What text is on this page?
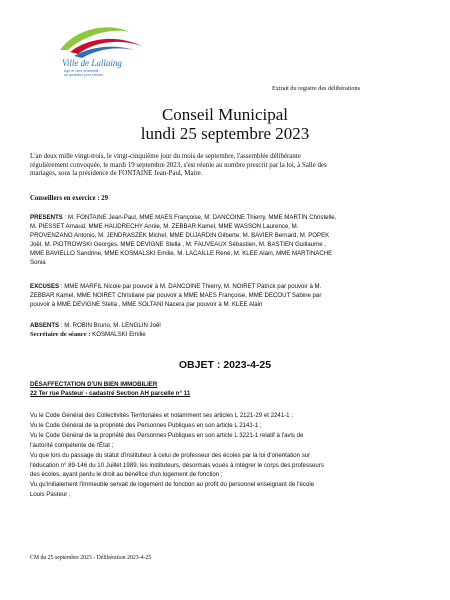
Ville de Lallaing
Agir et vivre ensemble
au quotidien pour l'avenir
Extrait du registre des délibérations
Conseil Municipal
lundi 25 septembre 2023
L'an deux mille vingt-trois, le vingt-cinquième jour du mois de septembre, l'assemblée délibérante
régulièrement convoquée, le mardi 19 septembre 2023, s'est réunie au nombre prescrit par la loi, à Salle des
mariages, sous la présidence de FONTAINE Jean-Paul, Maire.
Conseillers en exercice : 29
PRESENTS : M. FONTAINE Jean-Paul, MME MAES Françoise, M. DANCOINE Thierry, MME MARTIN Christelle,
M. PIESSET Arnaud, MME HAUDRECHY Annie, M. ZEBBAR Kamel, MME WASSON Laurence, M.
PROVENZANO Antonio, M. JENDRASZEK Michel, MME DUJARDIN Gilberte, M. BAVIER Bernard, M. POPEK
Joël, M. PIOTROWSKI Georges, MME DEVIGNE Stella , M. FAUVEAUX Sébastien, M. BASTIEN Guillaume ,
MME BAVIELLO Sandrine, MME KOSMALSKI Emilie, M. LACAILLE René, M. KLEE Alain, MME MARTINACHE
Sonia
EXCUSES : MME MARFIL Nicole par pouvoir à M. DANCOINE Thierry, M. NOIRET Patrick par pouvoir à M.
ZEBBAR Kamel, MME NOIRET Christiane par pouvoir à MME MAES Françoise, MME DECOUT Sabine par
pouvoir à MME DEVIGNE Stella , MME SOLTANI Nacera par pouvoir à M. KLEE Alain
ABSENTS : M. ROBIN Bruno, M. LENGLIN Joël
Secrétaire de séance : KOSMALSKI Emilie
OBJET : 2023-4-25
DÉSAFFECTATION D'UN BIEN IMMOBILIER
22 Ter rue Pasteur - cadastré Section AH parcelle n° 11
Vu le Code Général des Collectivités Territoriales et notamment ses articles L 2121-29 et 2241-1 ;
Vu le Code Général de la propriété des Personnes Publiques en son article L 2141-1 ;
Vu le Code Général de la propriété des Personnes Publiques en son article L 3221-1 relatif à l'avis de
l'autorité compétente de l'État ;
Vu que lors du passage du statut d'instituteur à celui de professeur des écoles par la loi d'orientation sur
l'éducation n° 89-146 du 10 Juillet 1989, les instituteurs, désormais voués à intégrer le corps des professeurs
des écoles, ayant perdu le droit au bénéfice d'un logement de fonction ;
Vu qu'initialement l'immeuble servait de logement de fonction au profit du personnel enseignant de l'école
Louis Pasteur ;
CM du 25 septembre 2023 - Délibération 2023-4-25
